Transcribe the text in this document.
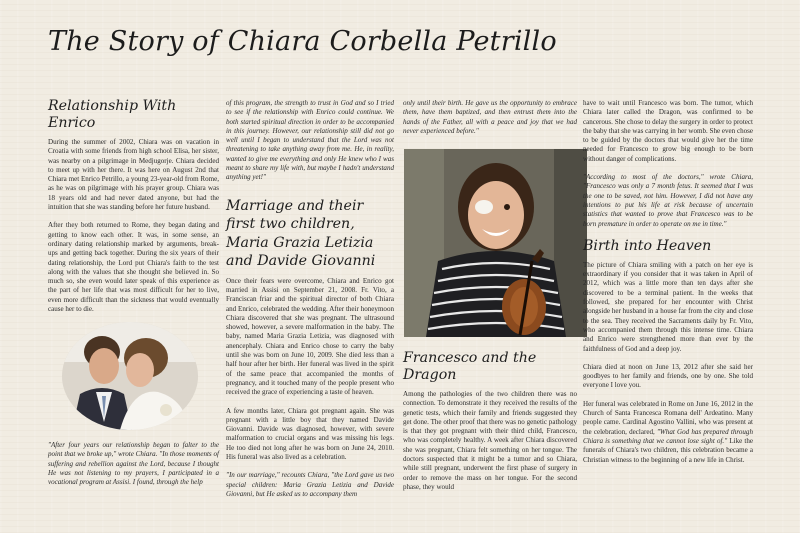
The Story of Chiara Corbella Petrillo
Relationship With Enrico

During the summer of 2002, Chiara was on vacation in Croatia with some friends from high school Elisa, her sister, was nearby on a pilgrimage in Medjugorje. Chiara decided to meet up with her there. It was here on August 2nd that Chiara met Enrico Petrillo, a young 23-year-old from Rome, as he was on pilgrimage with his prayer group. Chiara was 18 years old and had never dated anyone, but had the intuition that she was standing before her future husband.

After they both returned to Rome, they began dating and getting to know each other. It was, in some sense, an ordinary dating relationship marked by arguments, break-ups and getting back together. During the six years of their dating relationship, the Lord put Chiara's faith to the test along with the values that she thought she believed in. So much so, she even would later speak of this experience as the part of her life that was most difficult for her to live, even more difficult than the sickness that would eventually cause her to die.

"After four years our relationship began to falter to the point that we broke up," wrote Chiara. "In those moments of suffering and rebellion against the Lord, because I thought He was not listening to my prayers, I participated in a vocational program at Assisi. I found, through the help

of this program, the strength to trust in God and so I tried to see if the relationship with Enrico could continue. We both started spiritual direction in order to be accompanied in this journey. However, our relationship still did not go well until I began to understand that the Lord was not threatening to take anything away from me. He, in reality, wanted to give me everything and only He knew who I was meant to share my life with, but maybe I hadn't understand anything yet!"

Marriage and their first two children, Maria Grazia Letizia and Davide Giovanni

Once their fears were overcome, Chiara and Enrico got married in Assisi on September 21, 2008. Fr. Vito, a Franciscan friar and the spiritual director of both Chiara and Enrico, celebrated the wedding. After their honeymoon Chiara discovered that she was pregnant. The ultrasound showed, however, a severe malformation in the baby. The baby, named Maria Grazia Letizia, was diagnosed with anencephaly. Chiara and Enrico chose to carry the baby until she was born on June 10, 2009. She died less than a half hour after her birth. Her funeral was lived in the spirit of the same peace that accompanied the months of pregnancy, and it touched many of the people present who received the grace of experiencing a taste of heaven.

A few months later, Chiara got pregnant again. She was pregnant with a little boy that they named Davide Giovanni. Davide was diagnosed, however, with severe malformation to crucial organs and was missing his legs. He too died not long after he was born on June 24, 2010. His funeral was also lived as a celebration.

"In our marriage," recounts Chiara, "the Lord gave us two special children: Maria Grazia Letizia and Davide Giovanni, but He asked us to accompany them

only until their birth. He gave us the opportunity to embrace them, have them baptized, and then entrust them into the hands of the Father, all with a peace and joy that we had never experienced before."

Francesco and the Dragon

Among the pathologies of the two children there was no connection. To demonstrate it they received the results of the genetic tests, which their family and friends suggested they get done. The other proof that there was no genetic pathology is that they got pregnant with their third child, Francesco, who was completely healthy. A week after Chiara discovered she was pregnant, Chiara felt something on her tongue. The doctors suspected that it might be a tumor and so Chiara, while still pregnant, underwent the first phase of surgery in order to remove the mass on her tongue. For the second phase, they would

have to wait until Francesco was born. The tumor, which Chiara later called the Dragon, was confirmed to be cancerous. She chose to delay the surgery in order to protect the baby that she was carrying in her womb. She even chose to be guided by the doctors that would give her the time needed for Francesco to grow big enough to be born without danger of complications.

"According to most of the doctors," wrote Chiara, "Francesco was only a 7 month fetus. It seemed that I was the one to be saved, not him. However, I did not have any intentions to put his life at risk because of uncertain statistics that wanted to prove that Francesco was to be born premature in order to operate on me in time."

Birth into Heaven

The picture of Chiara smiling with a patch on her eye is extraordinary if you consider that it was taken in April of 2012, which was a little more than ten days after she discovered to be a terminal patient. In the weeks that followed, she prepared for her encounter with Christ alongside her husband in a house far from the city and close to the sea. They received the Sacraments daily by Fr. Vito, who accompanied them through this intense time. Chiara and Enrico were strengthened more than ever by the faithfulness of God and a deep joy.

Chiara died at noon on June 13, 2012 after she said her goodbyes to her family and friends, one by one. She told everyone I love you.

Her funeral was celebrated in Rome on June 16, 2012 in the Church of Santa Francesca Romana dell' Ardeatino. Many people came. Cardinal Agostino Vallini, who was present at the celebration, declared, "What God has prepared through Chiara is something that we cannot lose sight of." Like the funerals of Chiara's two children, this celebration became a Christian witness to the beginning of a new life in Christ.
